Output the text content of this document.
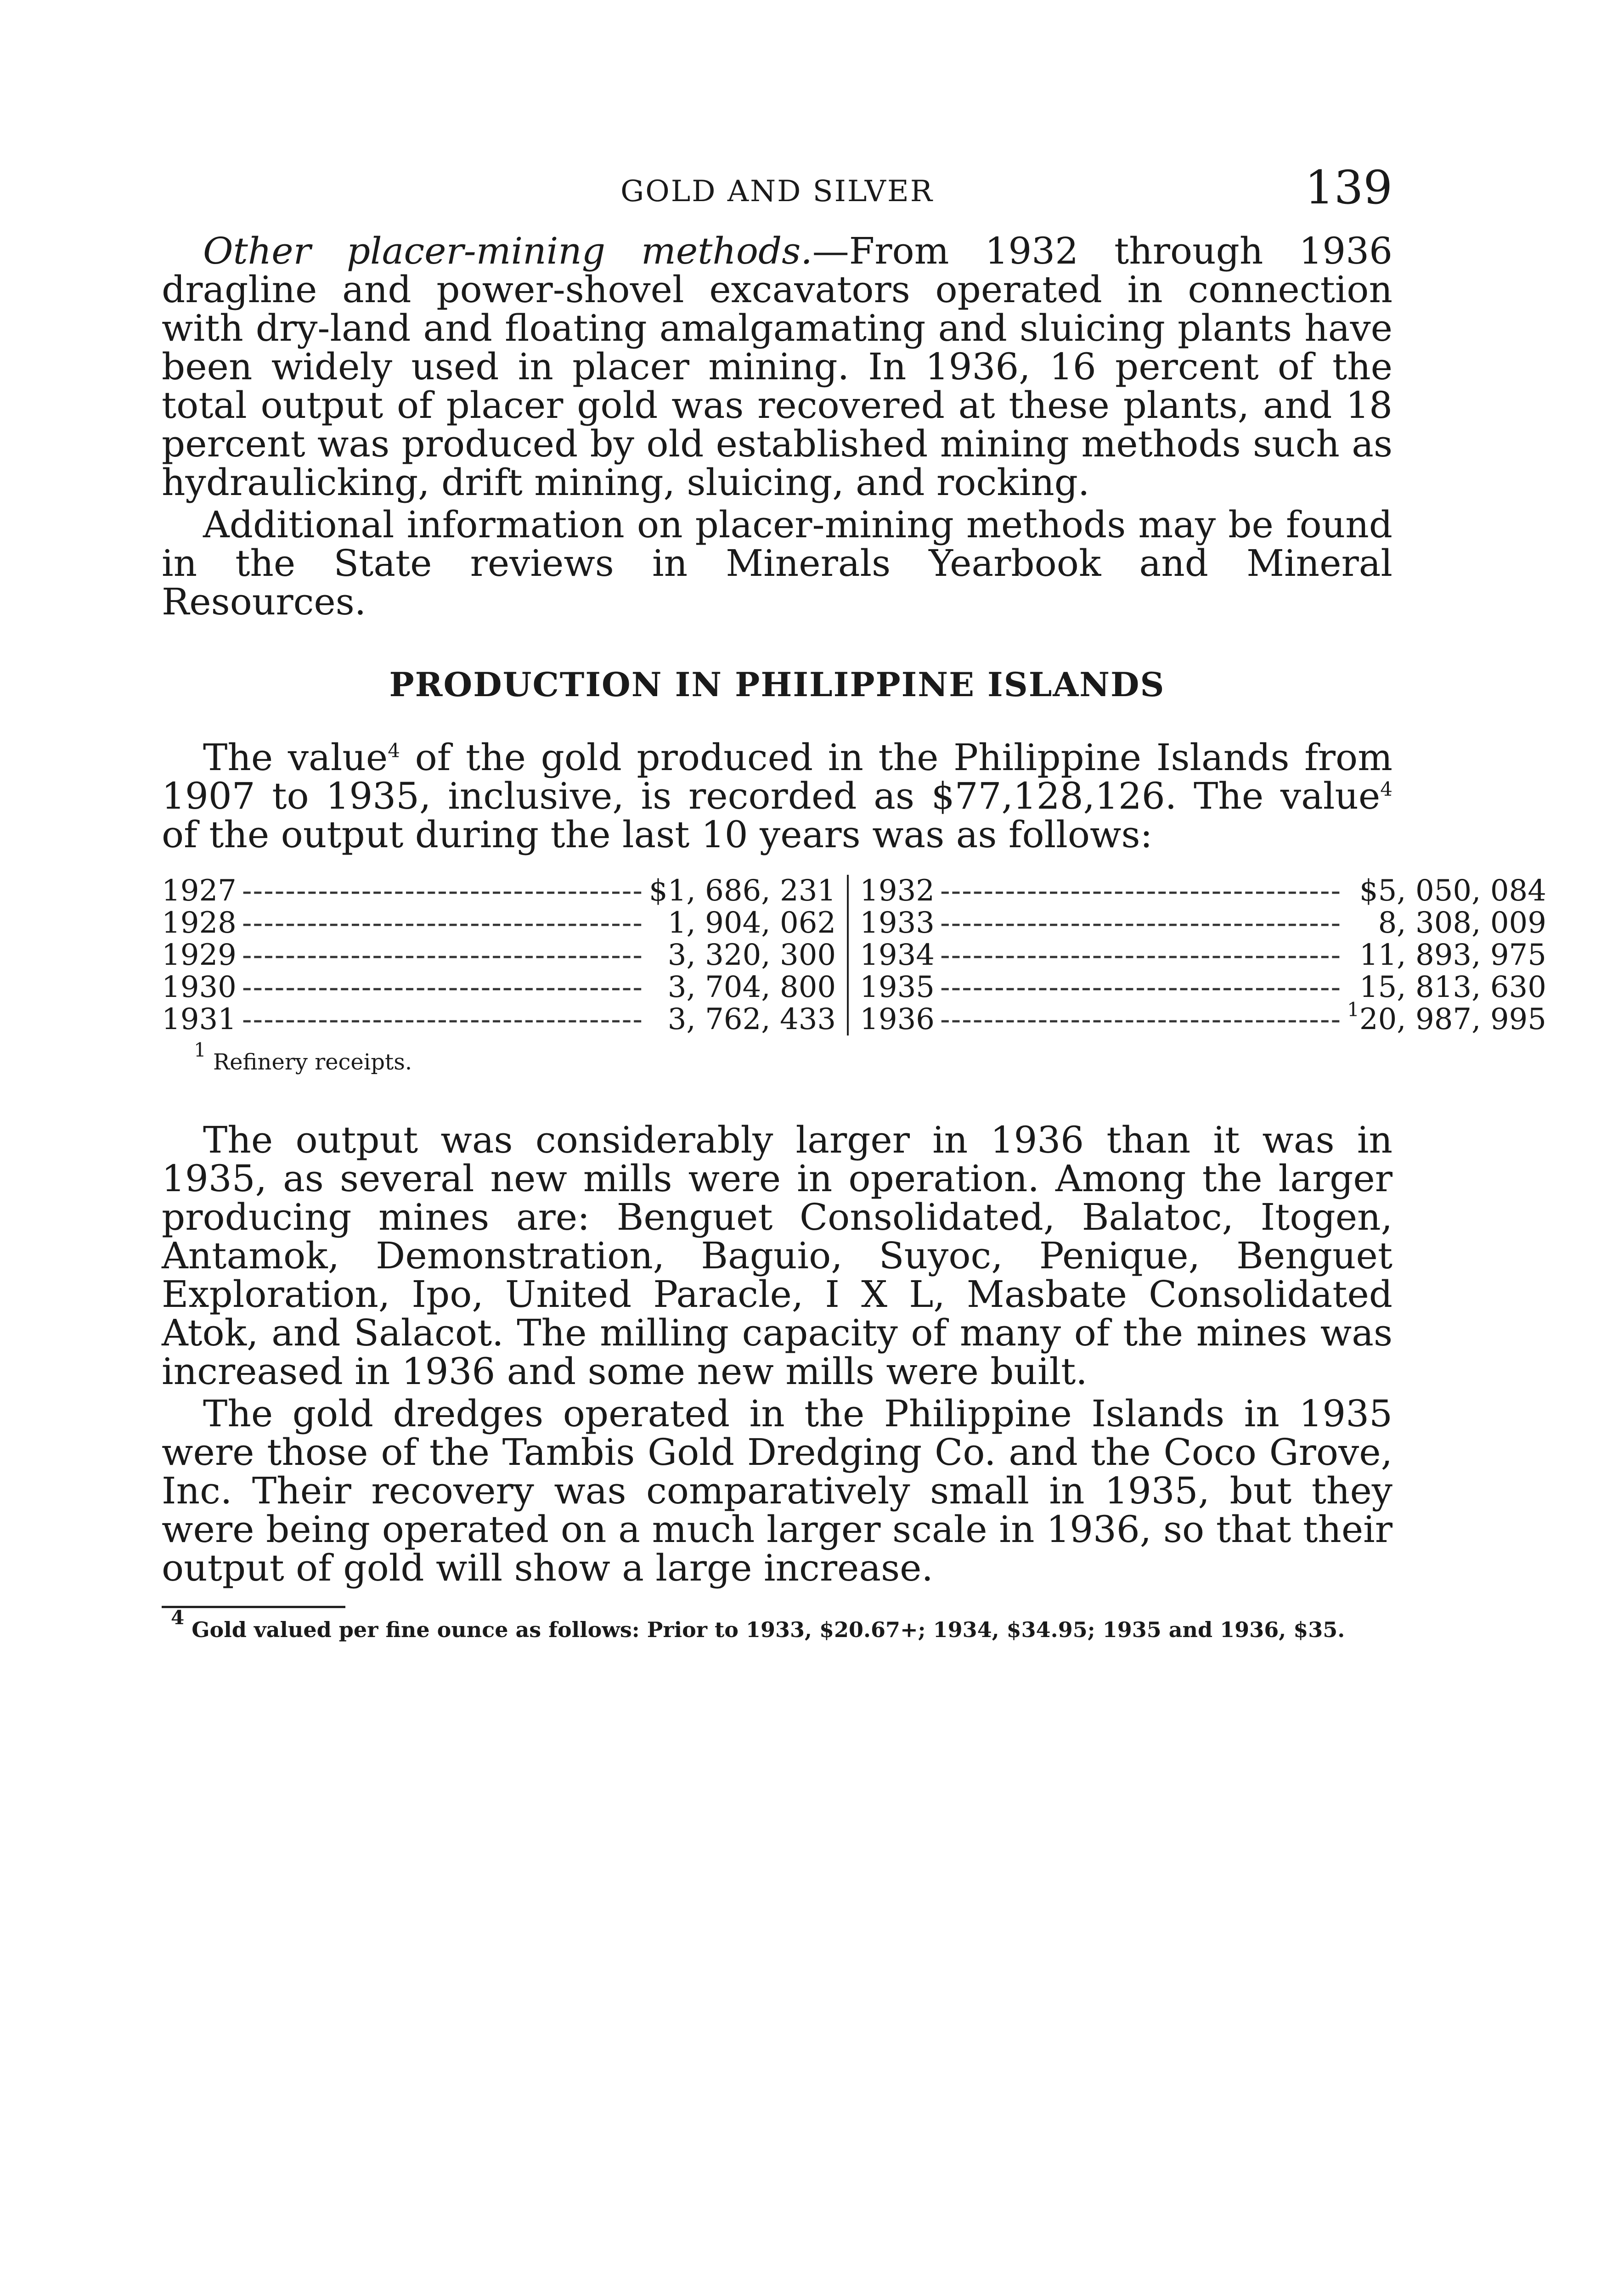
GOLD AND SILVER	139

Other placer-mining methods.—From 1932 through 1936 dragline and power-shovel excavators operated in connection with dry-land and floating amalgamating and sluicing plants have been widely used in placer mining. In 1936, 16 percent of the total output of placer gold was recovered at these plants, and 18 percent was produced by old established mining methods such as hydraulicking, drift mining, sluicing, and rocking.

Additional information on placer-mining methods may be found in the State reviews in Minerals Yearbook and Mineral Resources.

PRODUCTION IN PHILIPPINE ISLANDS

The value$^4$ of the gold produced in the Philippine Islands from 1907 to 1935, inclusive, is recorded as $77,128,126. The value$^4$ of the output during the last 10 years was as follows:

1927 ------------------------------------- $1, 686, 231
1928 ------------------------------------- 1, 904, 062
1929 ------------------------------------- 3, 320, 300
1930 ------------------------------------- 3, 704, 800
1931 ------------------------------------- 3, 762, 433
1932 ------------------------------------- $5, 050, 084
1933 -------------------------------------	8, 308, 009
1934 ------------------------------------- 11, 893, 975
1935 ------------------------------------- 15, 813, 630
1936 ------------------------------------- $^1$20, 987, 995
$^1$ Refinery receipts.

The output was considerably larger in 1936 than it was in 1935, as several new mills were in operation. Among the larger producing mines are: Benguet Consolidated, Balatoc, Itogen, Antamok, Demonstration, Baguio, Suyoc, Penique, Benguet Exploration, Ipo, United Paracle, I X L, Masbate Consolidated Atok, and Salacot. The milling capacity of many of the mines was increased in 1936 and some new mills were built.

The gold dredges operated in the Philippine Islands in 1935 were those of the Tambis Gold Dredging Co. and the Coco Grove, Inc. Their recovery was comparatively small in 1935, but they were being operated on a much larger scale in 1936, so that their output of gold will show a large increase.

$^4$ Gold valued per fine ounce as follows: Prior to 1933, $20.67+; 1934, $34.95; 1935 and 1936, $35.
